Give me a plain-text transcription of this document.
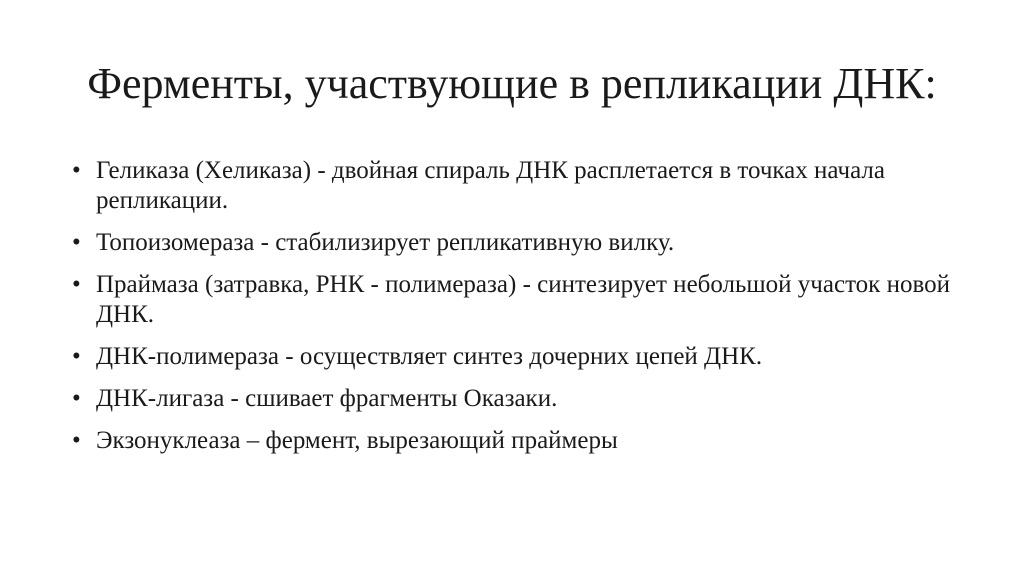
Ферменты, участвующие в репликации ДНК:
• Геликаза (Хеликаза) - двойная спираль ДНК расплетается в точках начала репликации.
• Топоизомераза - стабилизирует репликативную вилку.
• Праймаза (затравка, РНК - полимераза) - синтезирует небольшой участок новой ДНК.
• ДНК-полимераза - осуществляет синтез дочерних цепей ДНК.
• ДНК-лигаза - сшивает фрагменты Оказаки.
• Экзонуклеаза – фермент, вырезающий праймеры
